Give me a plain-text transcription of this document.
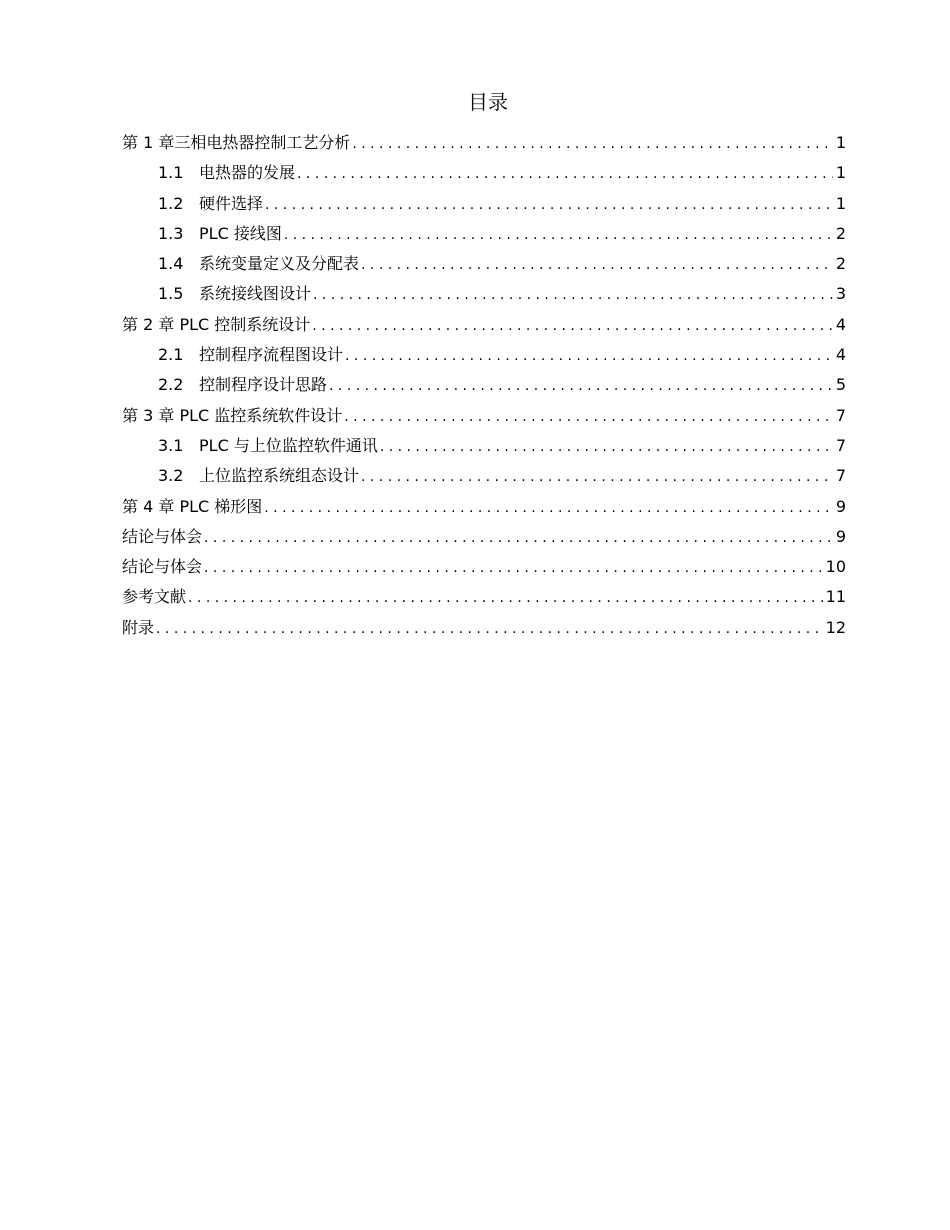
目录
第 1 章三相电热器控制工艺分析 . . .	1
1.1 电热器的发展 . . .	1
1.2 硬件选择 . . .	1
1.3 PLC 接线图 . . .	2
1.4 系统变量定义及分配表 . . .	2
1.5 系统接线图设计 . . .	3
第 2 章 PLC 控制系统设计 . . .	4
2.1 控制程序流程图设计 . . .	4
2.2 控制程序设计思路 . . .	5
第 3 章 PLC 监控系统软件设计 . . .	7
3.1 PLC 与上位监控软件通讯 . . .	7
3.2 上位监控系统组态设计 . . .	7
第 4 章 PLC 梯形图 . . .	9
结论与体会 . . .	9
结论与体会 . . .	10
参考文献 . . .	11
附录 . . .	12
